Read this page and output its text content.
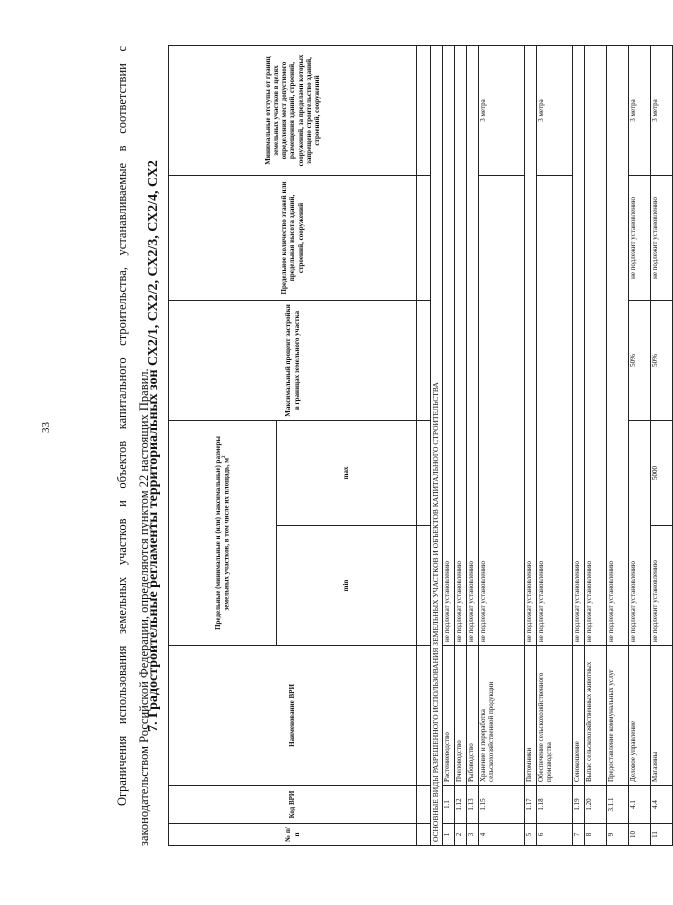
33	Ограничения использования земельных участков и объектов капитального строительства, устанавливаемые в соответствии с законодательством Российской Федерации, определяются пунктом 22 настоящих Правил.

7. Градостроительные регламенты территориальных зон СХ2/1, СХ2/2, СХ2/3, СХ2/4, СХ2
№ п/п	Код ВРИ	Наименование ВРИ	Предельные (минимальные и (или) максимальные) размеры земельных участков, в том числе их площадь, $м^2$		Максимальный процент застройки в границах земельного участка	Предельное количество этажей или предельная высота зданий, строений, сооружений	Минимальные отступы от границ земельных участков в целях определения мест допустимого размещения зданий, строений, сооружений, за пределами которых запрещено строительство зданий, строений, сооружений
			min	max			

ОСНОВНЫЕ ВИДЫ РАЗРЕШЕННОГО ИСПОЛЬЗОВАНИЯ ЗЕМЕЛЬНЫХ УЧАСТКОВ И ОБЪЕКТОВ КАПИТАЛЬНОГО СТРОИТЕЛЬСТВА							
1	1.1	Растениеводство	не подлежат установлению				
2	1.12	Пчеловодство	не подлежат установлению				
3	1.13	Рыбоводство	не подлежат установлению				
4	1.15	Хранение и переработка сельскохозяйственной продукции	не подлежат установлению				3 метра
5	1.17	Питомники	не подлежат установлению				
6	1.18	Обеспечение сельскохозяйственного производства	не подлежат установлению				3 метра
7	1.19	Сенокошение	не подлежат установлению				
8	1.20	Выпас сельскохозяйственных животных	не подлежат установлению				
9	3.1.1	Предоставление коммунальных услуг	не подлежат установлению				
10	4.1	Деловое управление	не подлежат установлению		50%	не подлежит установлению	3 метра
11	4.4	Магазины	не подлежит установлению	5000	50%	не подлежит установлению	3 метра
